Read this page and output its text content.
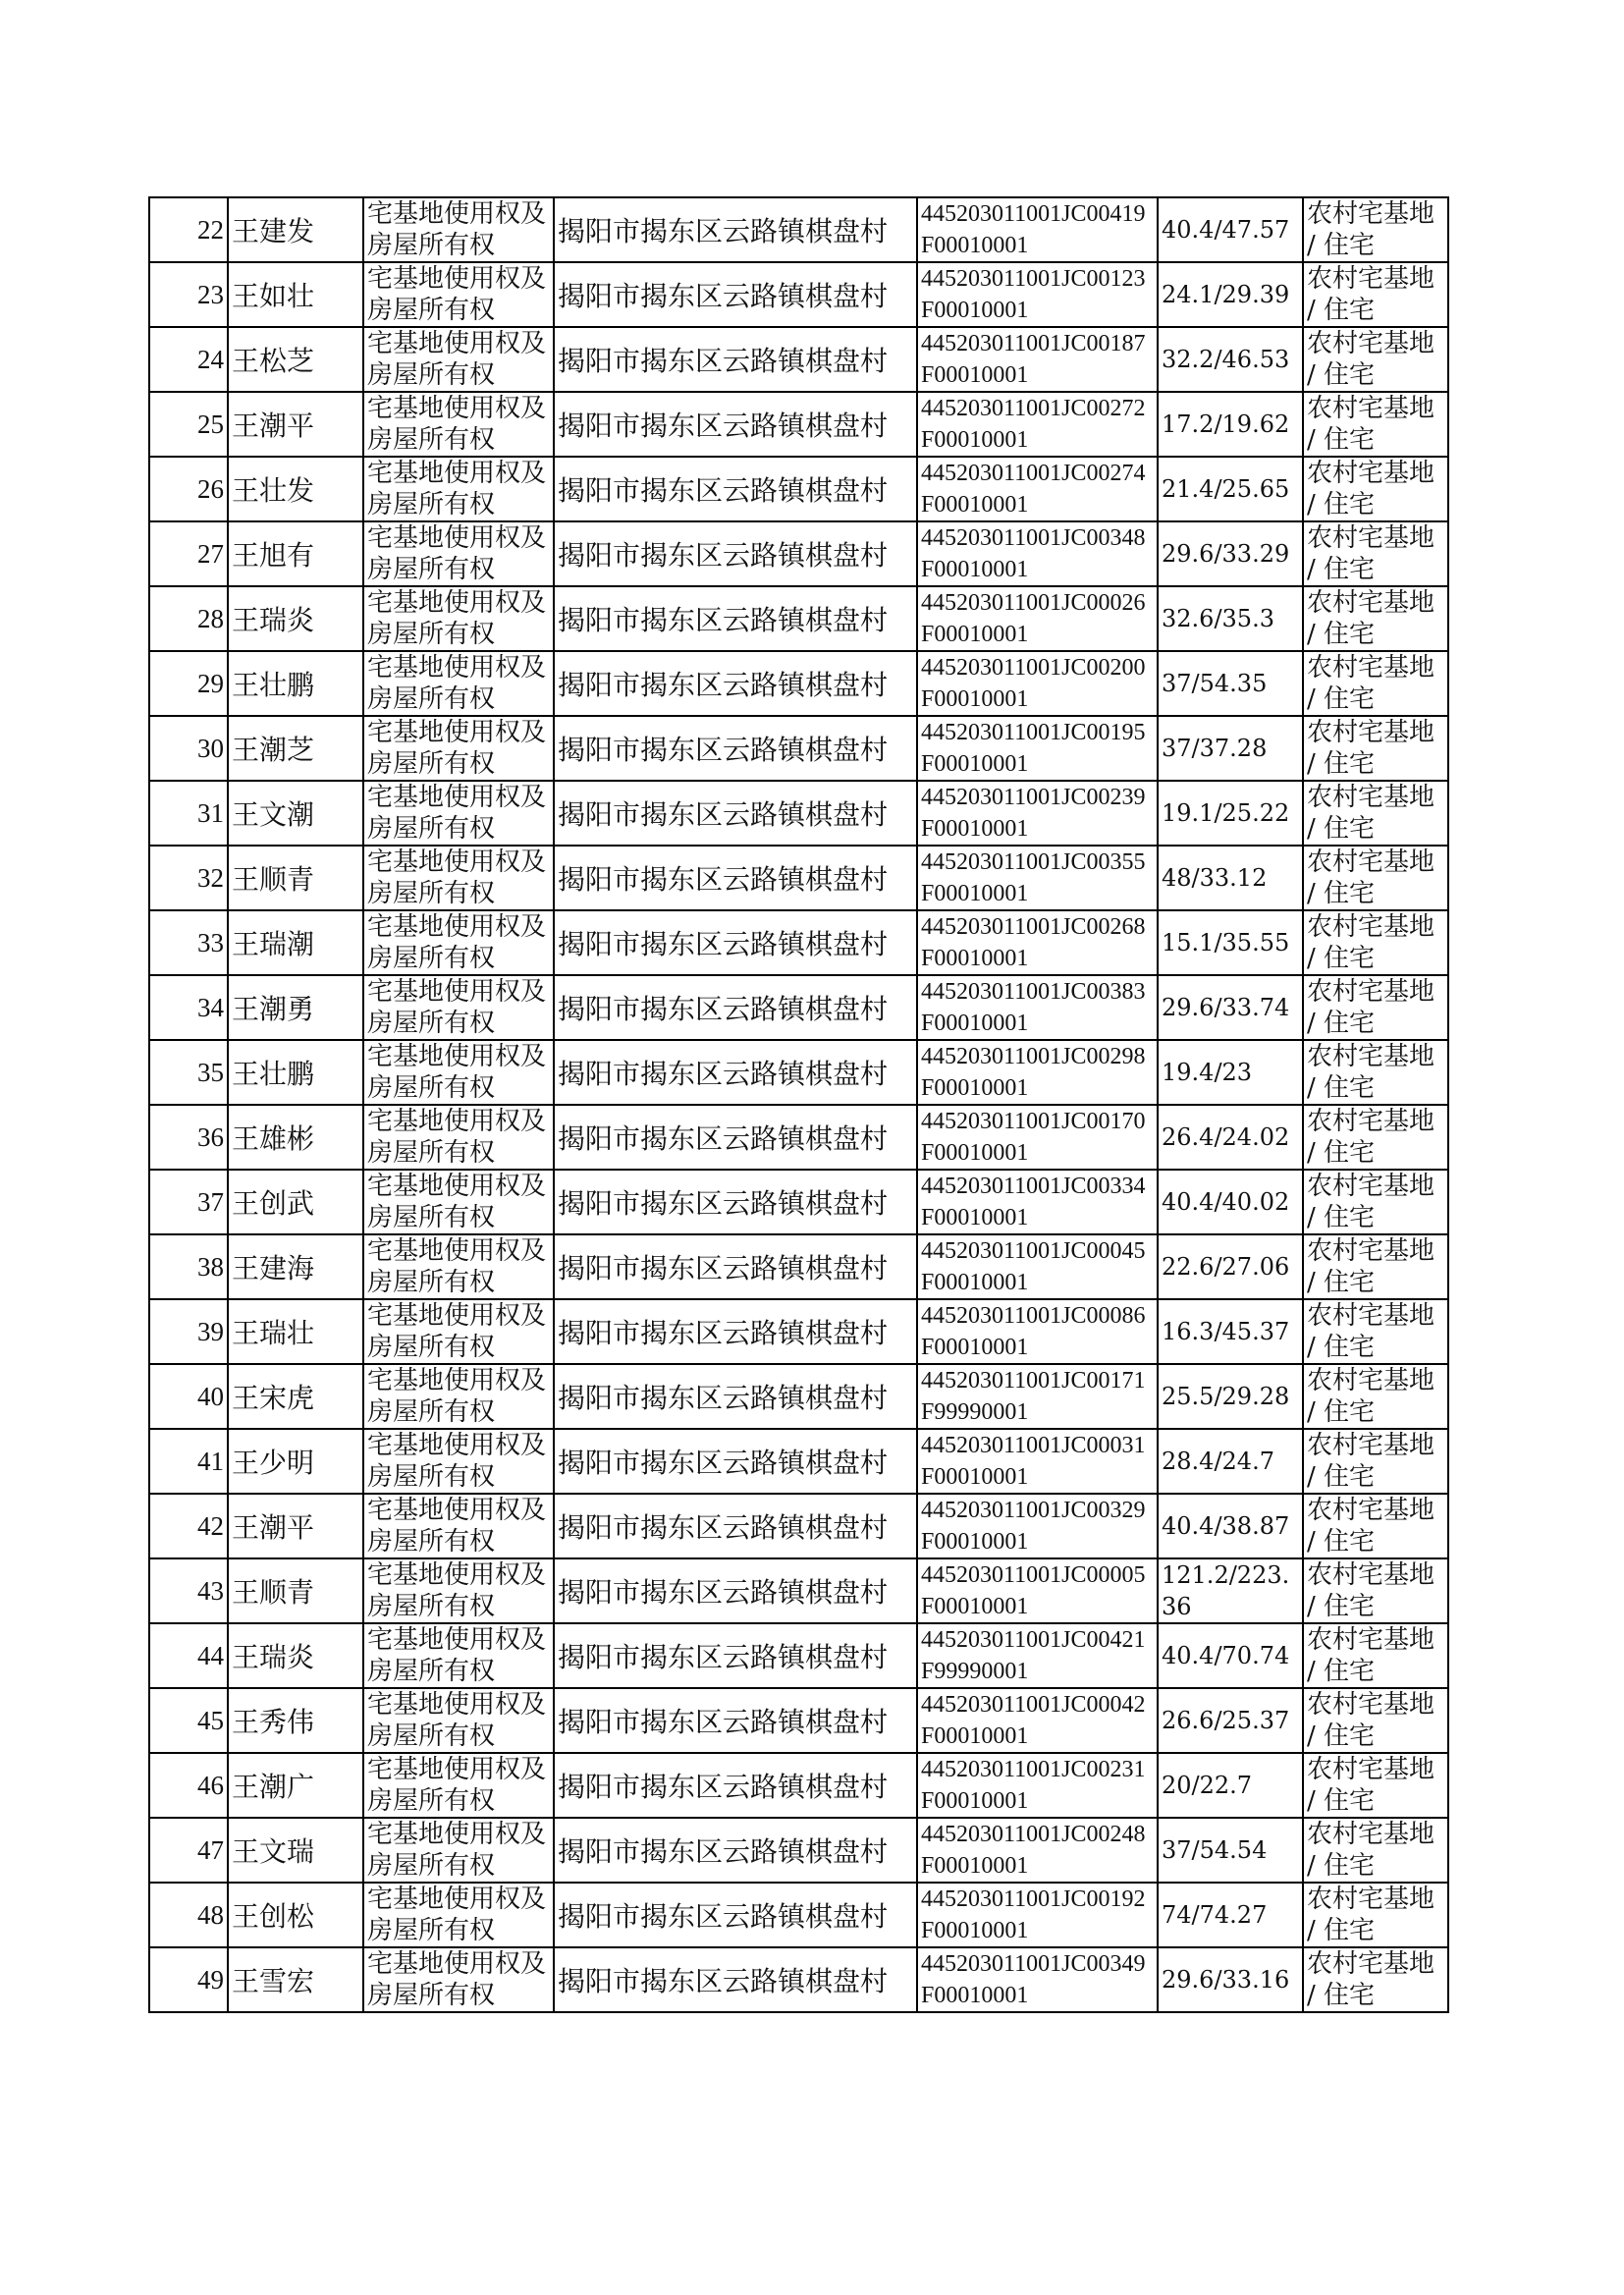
22	王建发	宅基地使用权及房屋所有权	揭阳市揭东区云路镇棋盘村	445203011001JC00419F00010001	40.4/47.57	农村宅基地 / 住宅
23	王如壮	宅基地使用权及房屋所有权	揭阳市揭东区云路镇棋盘村	445203011001JC00123F00010001	24.1/29.39	农村宅基地 / 住宅
24	王松芝	宅基地使用权及房屋所有权	揭阳市揭东区云路镇棋盘村	445203011001JC00187F00010001	32.2/46.53	农村宅基地 / 住宅
25	王潮平	宅基地使用权及房屋所有权	揭阳市揭东区云路镇棋盘村	445203011001JC00272F00010001	17.2/19.62	农村宅基地 / 住宅
26	王壮发	宅基地使用权及房屋所有权	揭阳市揭东区云路镇棋盘村	445203011001JC00274F00010001	21.4/25.65	农村宅基地 / 住宅
27	王旭有	宅基地使用权及房屋所有权	揭阳市揭东区云路镇棋盘村	445203011001JC00348F00010001	29.6/33.29	农村宅基地 / 住宅
28	王瑞炎	宅基地使用权及房屋所有权	揭阳市揭东区云路镇棋盘村	445203011001JC00026F00010001	32.6/35.3	农村宅基地 / 住宅
29	王壮鹏	宅基地使用权及房屋所有权	揭阳市揭东区云路镇棋盘村	445203011001JC00200F00010001	37/54.35	农村宅基地 / 住宅
30	王潮芝	宅基地使用权及房屋所有权	揭阳市揭东区云路镇棋盘村	445203011001JC00195F00010001	37/37.28	农村宅基地 / 住宅
31	王文潮	宅基地使用权及房屋所有权	揭阳市揭东区云路镇棋盘村	445203011001JC00239F00010001	19.1/25.22	农村宅基地 / 住宅
32	王顺青	宅基地使用权及房屋所有权	揭阳市揭东区云路镇棋盘村	445203011001JC00355F00010001	48/33.12	农村宅基地 / 住宅
33	王瑞潮	宅基地使用权及房屋所有权	揭阳市揭东区云路镇棋盘村	445203011001JC00268F00010001	15.1/35.55	农村宅基地 / 住宅
34	王潮勇	宅基地使用权及房屋所有权	揭阳市揭东区云路镇棋盘村	445203011001JC00383F00010001	29.6/33.74	农村宅基地 / 住宅
35	王壮鹏	宅基地使用权及房屋所有权	揭阳市揭东区云路镇棋盘村	445203011001JC00298F00010001	19.4/23	农村宅基地 / 住宅
36	王雄彬	宅基地使用权及房屋所有权	揭阳市揭东区云路镇棋盘村	445203011001JC00170F00010001	26.4/24.02	农村宅基地 / 住宅
37	王创武	宅基地使用权及房屋所有权	揭阳市揭东区云路镇棋盘村	445203011001JC00334F00010001	40.4/40.02	农村宅基地 / 住宅
38	王建海	宅基地使用权及房屋所有权	揭阳市揭东区云路镇棋盘村	445203011001JC00045F00010001	22.6/27.06	农村宅基地 / 住宅
39	王瑞壮	宅基地使用权及房屋所有权	揭阳市揭东区云路镇棋盘村	445203011001JC00086F00010001	16.3/45.37	农村宅基地 / 住宅
40	王宋虎	宅基地使用权及房屋所有权	揭阳市揭东区云路镇棋盘村	445203011001JC00171F99990001	25.5/29.28	农村宅基地 / 住宅
41	王少明	宅基地使用权及房屋所有权	揭阳市揭东区云路镇棋盘村	445203011001JC00031F00010001	28.4/24.7	农村宅基地 / 住宅
42	王潮平	宅基地使用权及房屋所有权	揭阳市揭东区云路镇棋盘村	445203011001JC00329F00010001	40.4/38.87	农村宅基地 / 住宅
43	王顺青	宅基地使用权及房屋所有权	揭阳市揭东区云路镇棋盘村	445203011001JC00005F00010001	121.2/223.36	农村宅基地 / 住宅
44	王瑞炎	宅基地使用权及房屋所有权	揭阳市揭东区云路镇棋盘村	445203011001JC00421F99990001	40.4/70.74	农村宅基地 / 住宅
45	王秀伟	宅基地使用权及房屋所有权	揭阳市揭东区云路镇棋盘村	445203011001JC00042F00010001	26.6/25.37	农村宅基地 / 住宅
46	王潮广	宅基地使用权及房屋所有权	揭阳市揭东区云路镇棋盘村	445203011001JC00231F00010001	20/22.7	农村宅基地 / 住宅
47	王文瑞	宅基地使用权及房屋所有权	揭阳市揭东区云路镇棋盘村	445203011001JC00248F00010001	37/54.54	农村宅基地 / 住宅
48	王创松	宅基地使用权及房屋所有权	揭阳市揭东区云路镇棋盘村	445203011001JC00192F00010001	74/74.27	农村宅基地 / 住宅
49	王雪宏	宅基地使用权及房屋所有权	揭阳市揭东区云路镇棋盘村	445203011001JC00349F00010001	29.6/33.16	农村宅基地 / 住宅
